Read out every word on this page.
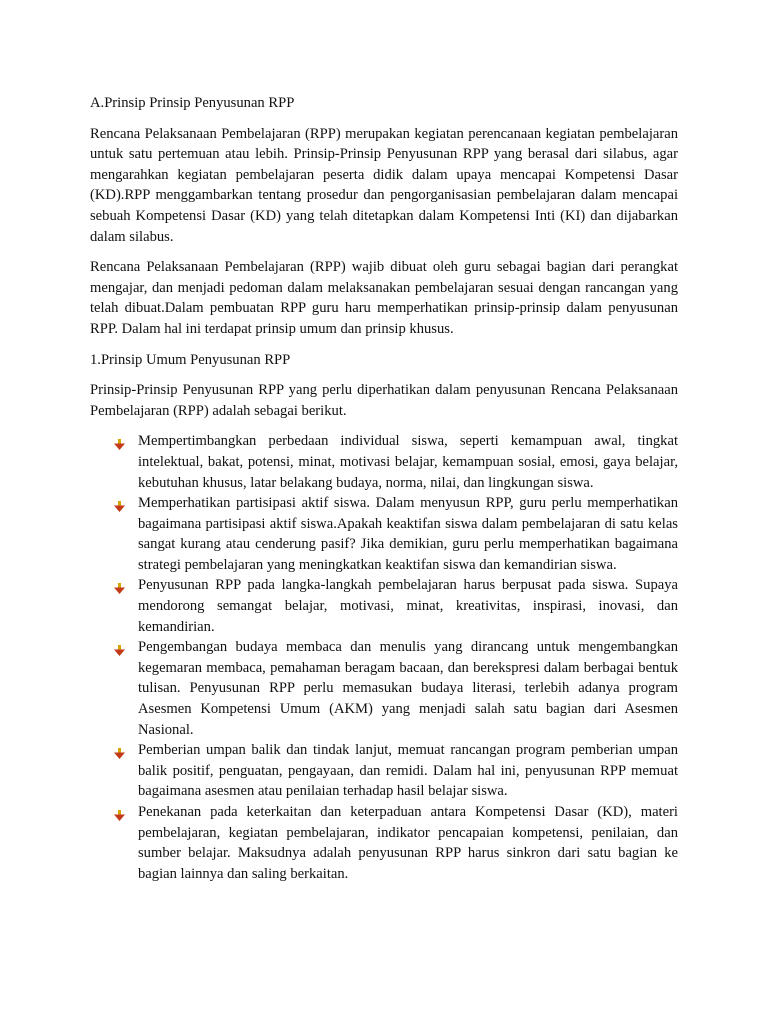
A.Prinsip Prinsip Penyusunan RPP

Rencana Pelaksanaan Pembelajaran (RPP) merupakan kegiatan perencanaan kegiatan pembelajaran untuk satu pertemuan atau lebih. Prinsip-Prinsip Penyusunan RPP yang berasal dari silabus, agar mengarahkan kegiatan pembelajaran peserta didik dalam upaya mencapai Kompetensi Dasar (KD).RPP menggambarkan tentang prosedur dan pengorganisasian pembelajaran dalam mencapai sebuah Kompetensi Dasar (KD) yang telah ditetapkan dalam Kompetensi Inti (KI) dan dijabarkan dalam silabus.

Rencana Pelaksanaan Pembelajaran (RPP) wajib dibuat oleh guru sebagai bagian dari perangkat mengajar, dan menjadi pedoman dalam melaksanakan pembelajaran sesuai dengan rancangan yang telah dibuat.Dalam pembuatan RPP guru haru memperhatikan prinsip-prinsip dalam penyusunan RPP. Dalam hal ini terdapat prinsip umum dan prinsip khusus.

1.Prinsip Umum Penyusunan RPP

Prinsip-Prinsip Penyusunan RPP yang perlu diperhatikan dalam penyusunan Rencana Pelaksanaan Pembelajaran (RPP) adalah sebagai berikut.

Mempertimbangkan perbedaan individual siswa, seperti kemampuan awal, tingkat intelektual, bakat, potensi, minat, motivasi belajar, kemampuan sosial, emosi, gaya belajar, kebutuhan khusus, latar belakang budaya, norma, nilai, dan lingkungan siswa.
Memperhatikan partisipasi aktif siswa. Dalam menyusun RPP, guru perlu memperhatikan bagaimana partisipasi aktif siswa.Apakah keaktifan siswa dalam pembelajaran di satu kelas sangat kurang atau cenderung pasif? Jika demikian, guru perlu memperhatikan bagaimana strategi pembelajaran yang meningkatkan keaktifan siswa dan kemandirian siswa.
Penyusunan RPP pada langka-langkah pembelajaran harus berpusat pada siswa. Supaya mendorong semangat belajar, motivasi, minat, kreativitas, inspirasi, inovasi, dan kemandirian.
Pengembangan budaya membaca dan menulis yang dirancang untuk mengembangkan kegemaran membaca, pemahaman beragam bacaan, dan berekspresi dalam berbagai bentuk tulisan. Penyusunan RPP perlu memasukan budaya literasi, terlebih adanya program Asesmen Kompetensi Umum (AKM) yang menjadi salah satu bagian dari Asesmen Nasional.
Pemberian umpan balik dan tindak lanjut, memuat rancangan program pemberian umpan balik positif, penguatan, pengayaan, dan remidi. Dalam hal ini, penyusunan RPP memuat bagaimana asesmen atau penilaian terhadap hasil belajar siswa.
Penekanan pada keterkaitan dan keterpaduan antara Kompetensi Dasar (KD), materi pembelajaran, kegiatan pembelajaran, indikator pencapaian kompetensi, penilaian, dan sumber belajar. Maksudnya adalah penyusunan RPP harus sinkron dari satu bagian ke bagian lainnya dan saling berkaitan.
